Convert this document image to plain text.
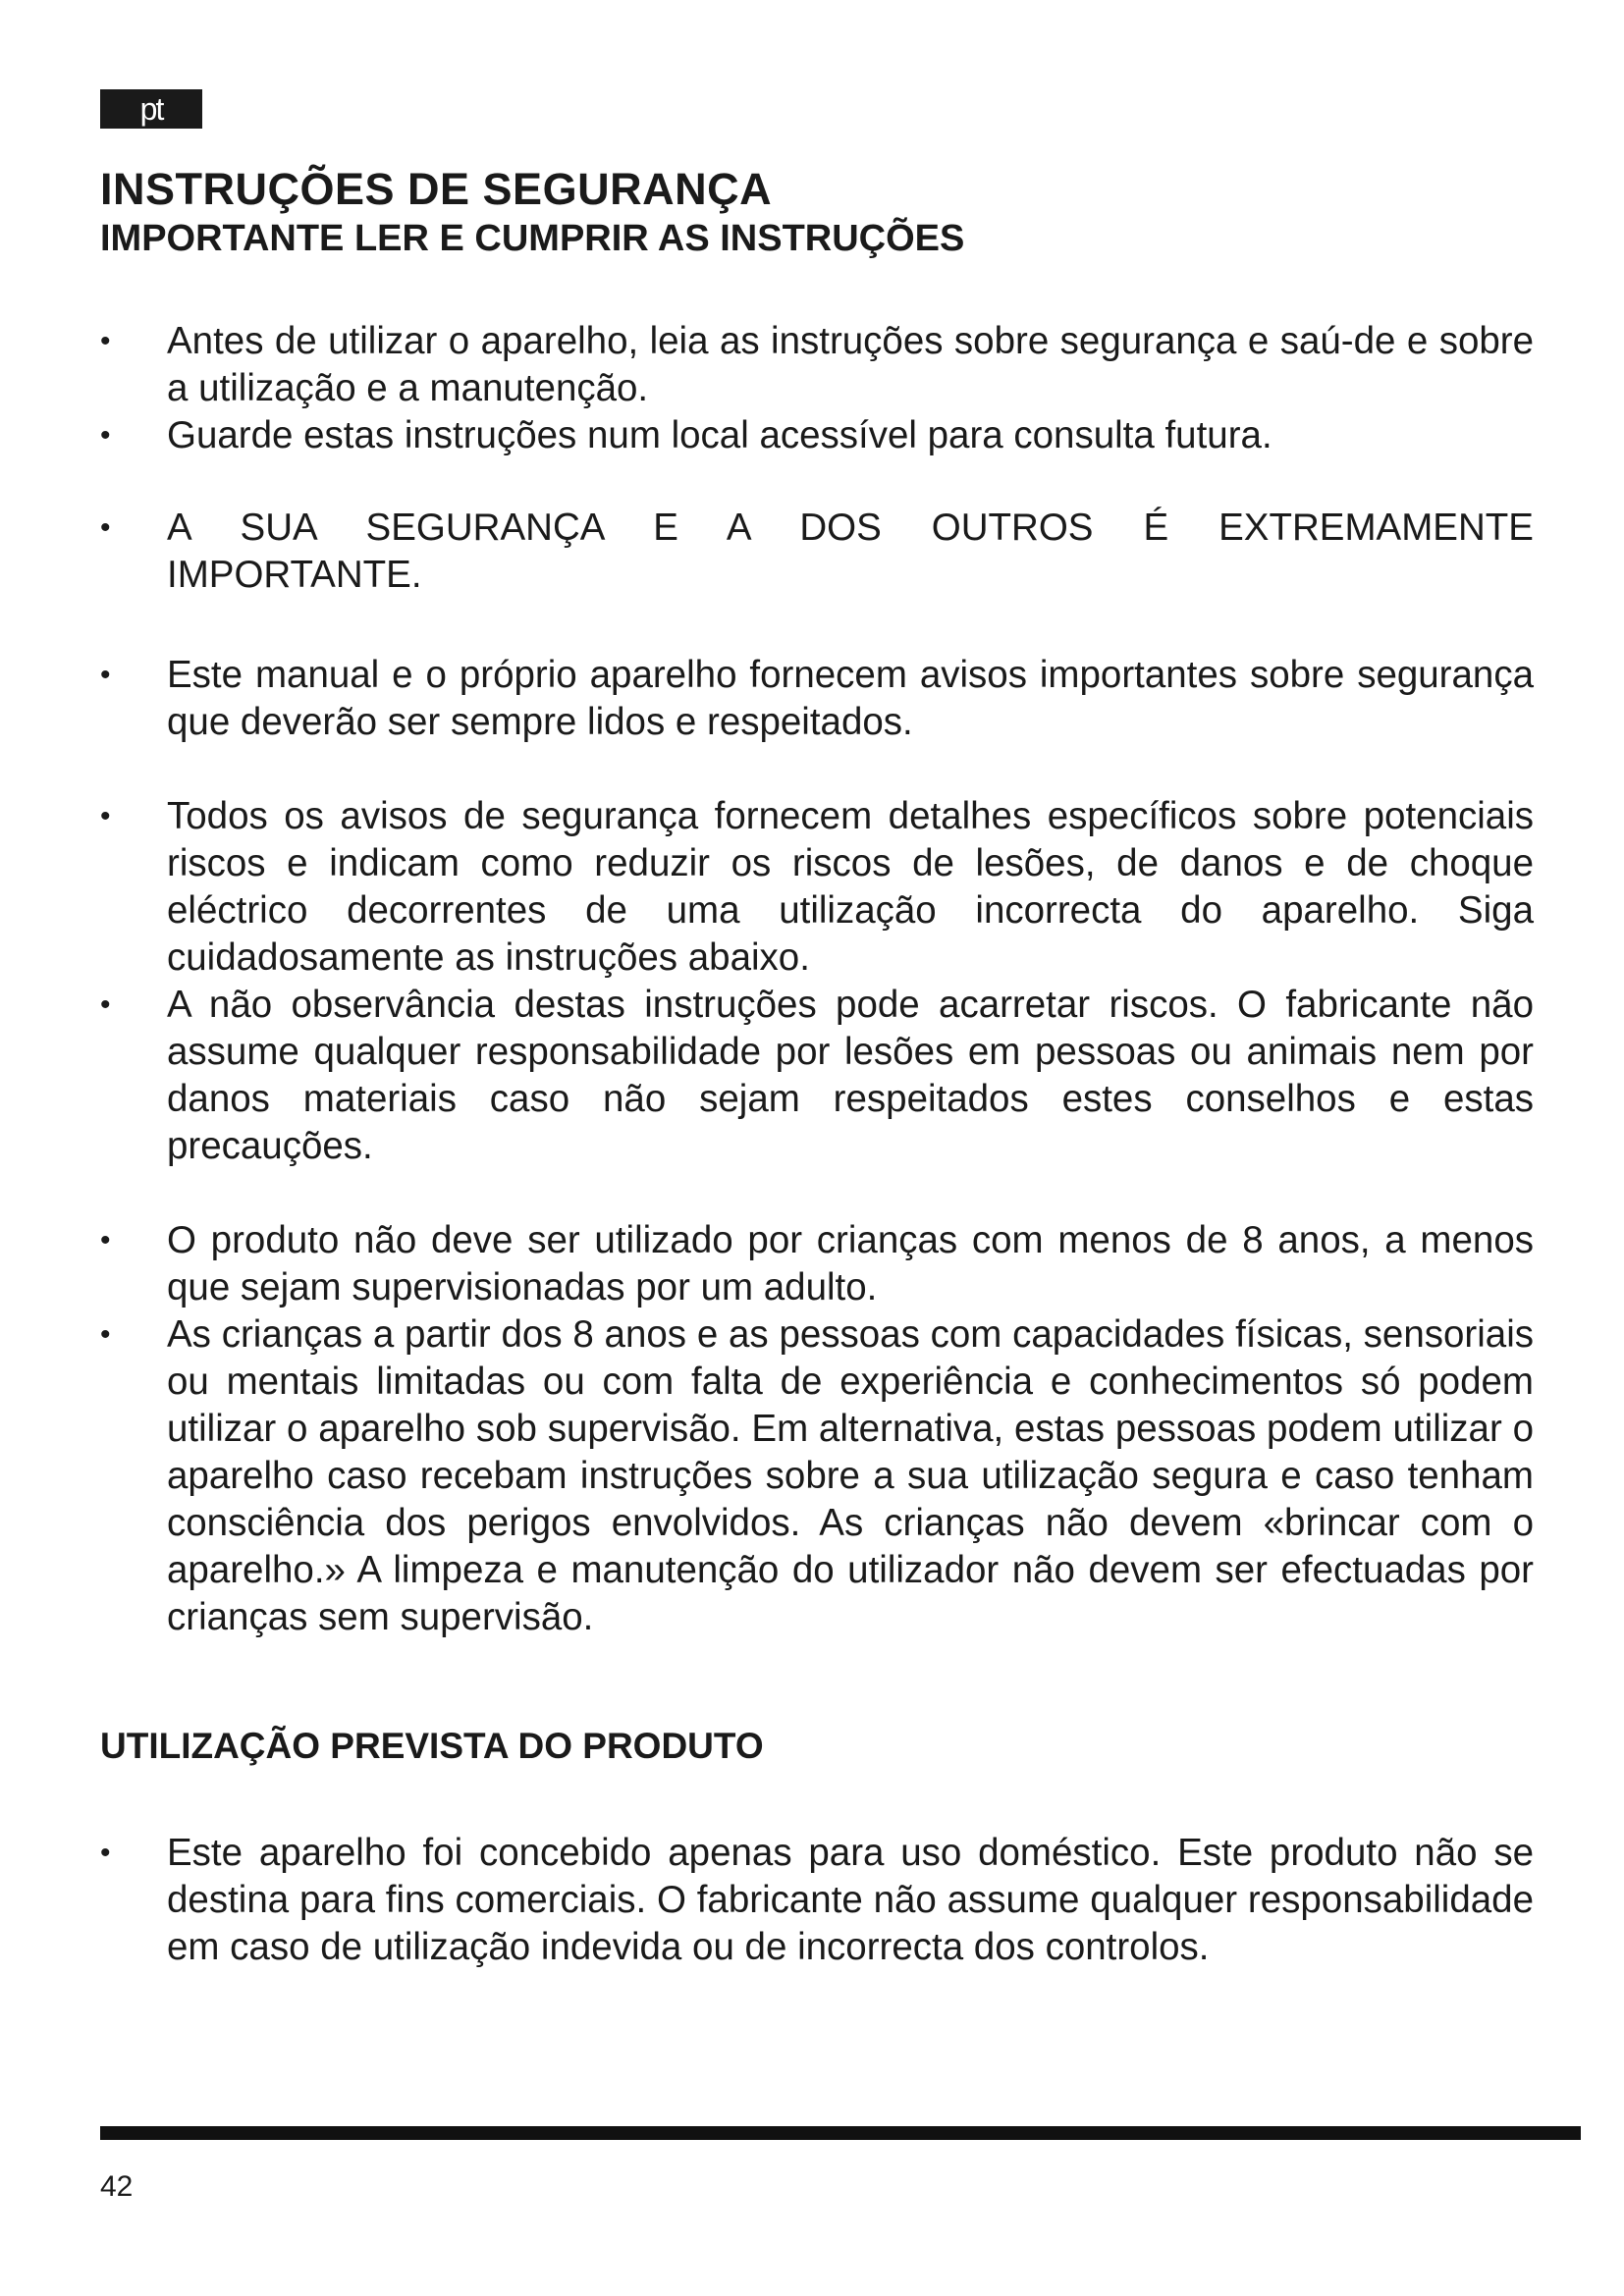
pt
INSTRUÇÕES DE SEGURANÇA
IMPORTANTE LER E CUMPRIR AS INSTRUÇÕES
•	Antes de utilizar o aparelho, leia as instruções sobre segurança e saú-de e sobre a utilização e a manutenção.
•	Guarde estas instruções num local acessível para consulta futura.
•	A SUA SEGURANÇA E A DOS OUTROS É EXTREMAMENTE IMPORTANTE.
•	Este manual e o próprio aparelho fornecem avisos importantes sobre segurança que deverão ser sempre lidos e respeitados.
•	Todos os avisos de segurança fornecem detalhes específicos sobre potenciais riscos e indicam como reduzir os riscos de lesões, de danos e de choque eléctrico decorrentes de uma utilização incorrecta do aparelho. Siga cuidadosamente as instruções abaixo.
•	A não observância destas instruções pode acarretar riscos. O fabricante não assume qualquer responsabilidade por lesões em pessoas ou animais nem por danos materiais caso não sejam respeitados estes conselhos e estas precauções.
•	O produto não deve ser utilizado por crianças com menos de 8 anos, a menos que sejam supervisionadas por um adulto.
•	As crianças a partir dos 8 anos e as pessoas com capacidades físicas, sensoriais ou mentais limitadas ou com falta de experiência e conhecimentos só podem utilizar o aparelho sob supervisão. Em alternativa, estas pessoas podem utilizar o aparelho caso recebam instruções sobre a sua utilização segura e caso tenham consciência dos perigos envolvidos. As crianças não devem «brincar com o aparelho.» A limpeza e manutenção do utilizador não devem ser efectuadas por crianças sem supervisão.
UTILIZAÇÃO PREVISTA DO PRODUTO
•	Este aparelho foi concebido apenas para uso doméstico. Este produto não se destina para fins comerciais. O fabricante não assume qualquer responsabilidade em caso de utilização indevida ou de incorrecta dos controlos.
42
